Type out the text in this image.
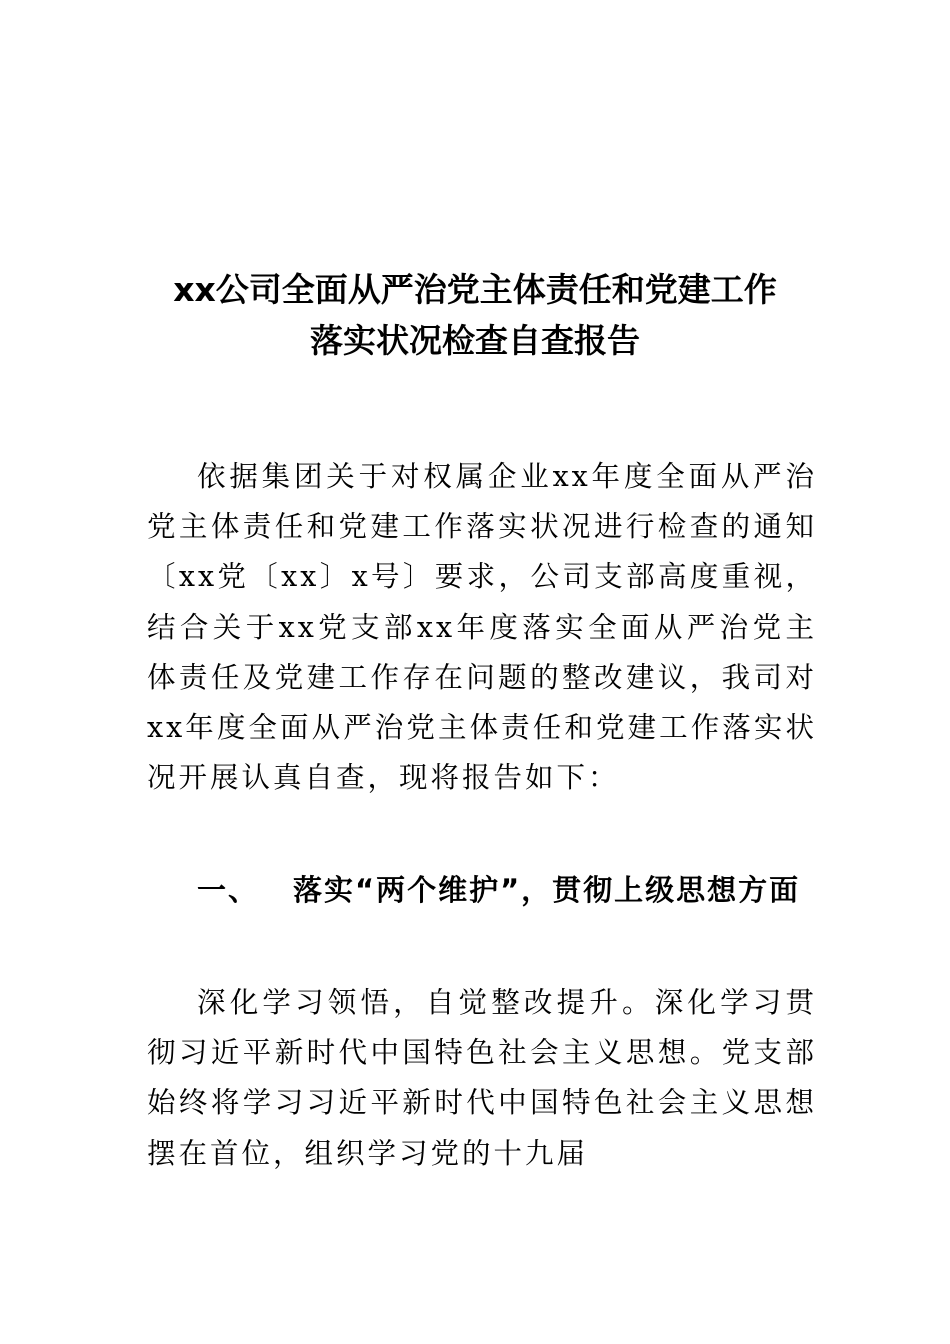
xx公司全面从严治党主体责任和党建工作
落实状况检查自查报告

依据集团关于对权属企业xx年度全面从严治党主体责任和党建工作落实状况进行检查的通知〔xx党〔xx〕x号〕要求，公司支部高度重视，结合关于xx党支部xx年度落实全面从严治党主体责任及党建工作存在问题的整改建议，我司对xx年度全面从严治党主体责任和党建工作落实状况开展认真自查，现将报告如下：

一、 落实“两个维护”，贯彻上级思想方面

深化学习领悟，自觉整改提升。深化学习贯彻习近平新时代中国特色社会主义思想。党支部始终将学习习近平新时代中国特色社会主义思想摆在首位，组织学习党的十九届
